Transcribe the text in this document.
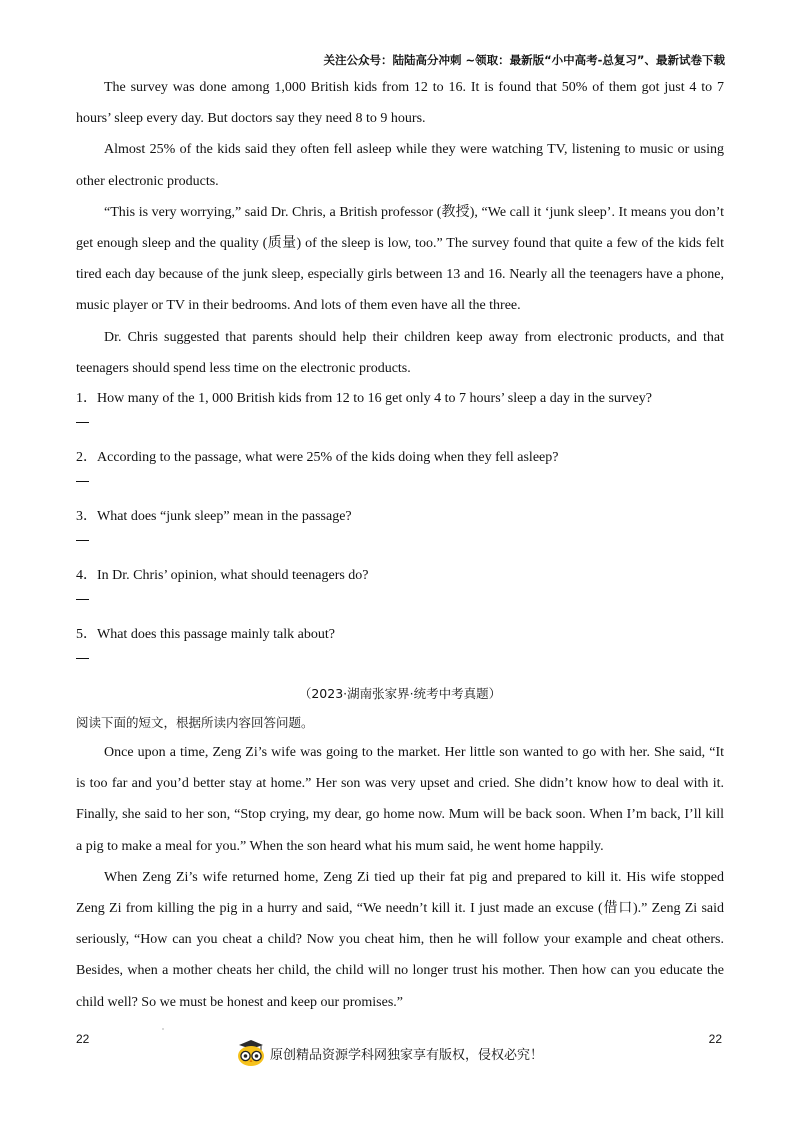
关注公众号：陆陆高分冲刺 ~领取：最新版“小中高考-总复习”、最新试卷下载

The survey was done among 1,000 British kids from 12 to 16. It is found that 50% of them got just 4 to 7 hours’ sleep every day. But doctors say they need 8 to 9 hours.

Almost 25% of the kids said they often fell asleep while they were watching TV, listening to music or using other electronic products.

“This is very worrying,” said Dr. Chris, a British professor (教授), “We call it ‘junk sleep’. It means you don’t get enough sleep and the quality (质量) of the sleep is low, too.” The survey found that quite a few of the kids felt tired each day because of the junk sleep, especially girls between 13 and 16. Nearly all the teenagers have a phone, music player or TV in their bedrooms. And lots of them even have all the three.

Dr. Chris suggested that parents should help their children keep away from electronic products, and that teenagers should spend less time on the electronic products.

1．How many of the 1, 000 British kids from 12 to 16 get only 4 to 7 hours’ sleep a day in the survey?

2．According to the passage, what were 25% of the kids doing when they fell asleep?

3．What does “junk sleep” mean in the passage?

4．In Dr. Chris’ opinion, what should teenagers do?

5．What does this passage mainly talk about?

（2023·湖南张家界·统考中考真题）

阅读下面的短文，根据所读内容回答问题。

Once upon a time, Zeng Zi’s wife was going to the market. Her little son wanted to go with her. She said, “It is too far and you’d better stay at home.” Her son was very upset and cried. She didn’t know how to deal with it. Finally, she said to her son, “Stop crying, my dear, go home now. Mum will be back soon. When I’m back, I’ll kill a pig to make a meal for you.” When the son heard what his mum said, he went home happily.

When Zeng Zi’s wife returned home, Zeng Zi tied up their fat pig and prepared to kill it. His wife stopped Zeng Zi from killing the pig in a hurry and said, “We needn’t kill it. I just made an excuse (借口).” Zeng Zi said seriously, “How can you cheat a child? Now you cheat him, then he will follow your example and cheat others. Besides, when a mother cheats her child, the child will no longer trust his mother. Then how can you educate the child well? So we must be honest and keep our promises.”

22
原创精品资源学科网独家享有版权，侵权必究！
22
